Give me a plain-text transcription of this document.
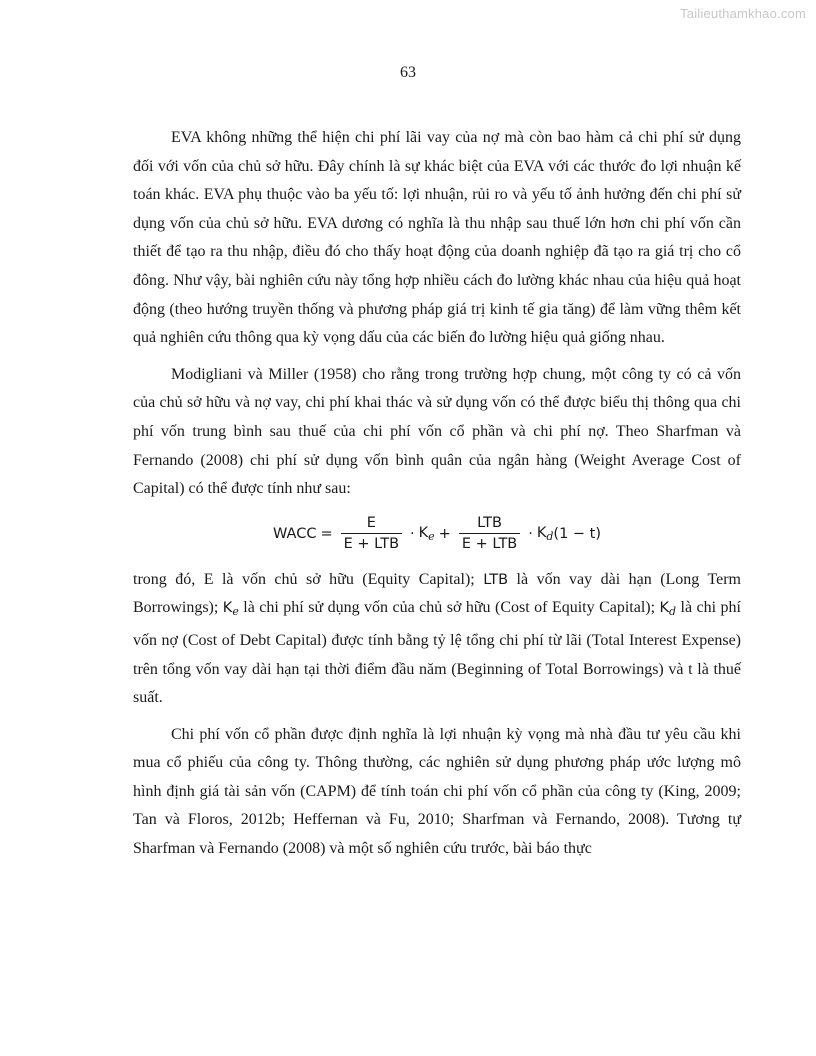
Tailieuthamkhao.com
63

EVA không những thể hiện chi phí lãi vay của nợ mà còn bao hàm cả chi phí sử dụng đối với vốn của chủ sở hữu. Đây chính là sự khác biệt của EVA với các thước đo lợi nhuận kế toán khác. EVA phụ thuộc vào ba yếu tố: lợi nhuận, rủi ro và yếu tố ảnh hưởng đến chi phí sử dụng vốn của chủ sở hữu. EVA dương có nghĩa là thu nhập sau thuế lớn hơn chi phí vốn cần thiết để tạo ra thu nhập, điều đó cho thấy hoạt động của doanh nghiệp đã tạo ra giá trị cho cổ đông. Như vậy, bài nghiên cứu này tổng hợp nhiều cách đo lường khác nhau của hiệu quả hoạt động (theo hướng truyền thống và phương pháp giá trị kinh tế gia tăng) để làm vững thêm kết quả nghiên cứu thông qua kỳ vọng dấu của các biến đo lường hiệu quả giống nhau.

Modigliani và Miller (1958) cho rằng trong trường hợp chung, một công ty có cả vốn của chủ sở hữu và nợ vay, chi phí khai thác và sử dụng vốn có thể được biểu thị thông qua chi phí vốn trung bình sau thuế của chi phí vốn cổ phần và chi phí nợ. Theo Sharfman và Fernando (2008) chi phí sử dụng vốn bình quân của ngân hàng (Weight Average Cost of Capital) có thể được tính như sau:

WACC = $\frac{E}{\text{E + LTB}} \cdot K_e + \frac{\text{LTB}}{\text{E + LTB}} \cdot K_d$ (1 − t)

trong đó, E là vốn chủ sở hữu (Equity Capital); LTB là vốn vay dài hạn (Long Term Borrowings); $K_e$ là chi phí sử dụng vốn của chủ sở hữu (Cost of Equity Capital); $K_d$ là chi phí vốn nợ (Cost of Debt Capital) được tính bằng tỷ lệ tổng chi phí từ lãi (Total Interest Expense) trên tổng vốn vay dài hạn tại thời điểm đầu năm (Beginning of Total Borrowings) và t là thuế suất.

Chi phí vốn cổ phần được định nghĩa là lợi nhuận kỳ vọng mà nhà đầu tư yêu cầu khi mua cổ phiếu của công ty. Thông thường, các nghiên sử dụng phương pháp ước lượng mô hình định giá tài sản vốn (CAPM) để tính toán chi phí vốn cổ phần của công ty (King, 2009; Tan và Floros, 2012b; Heffernan và Fu, 2010; Sharfman và Fernando, 2008). Tương tự Sharfman và Fernando (2008) và một số nghiên cứu trước, bài báo thực
